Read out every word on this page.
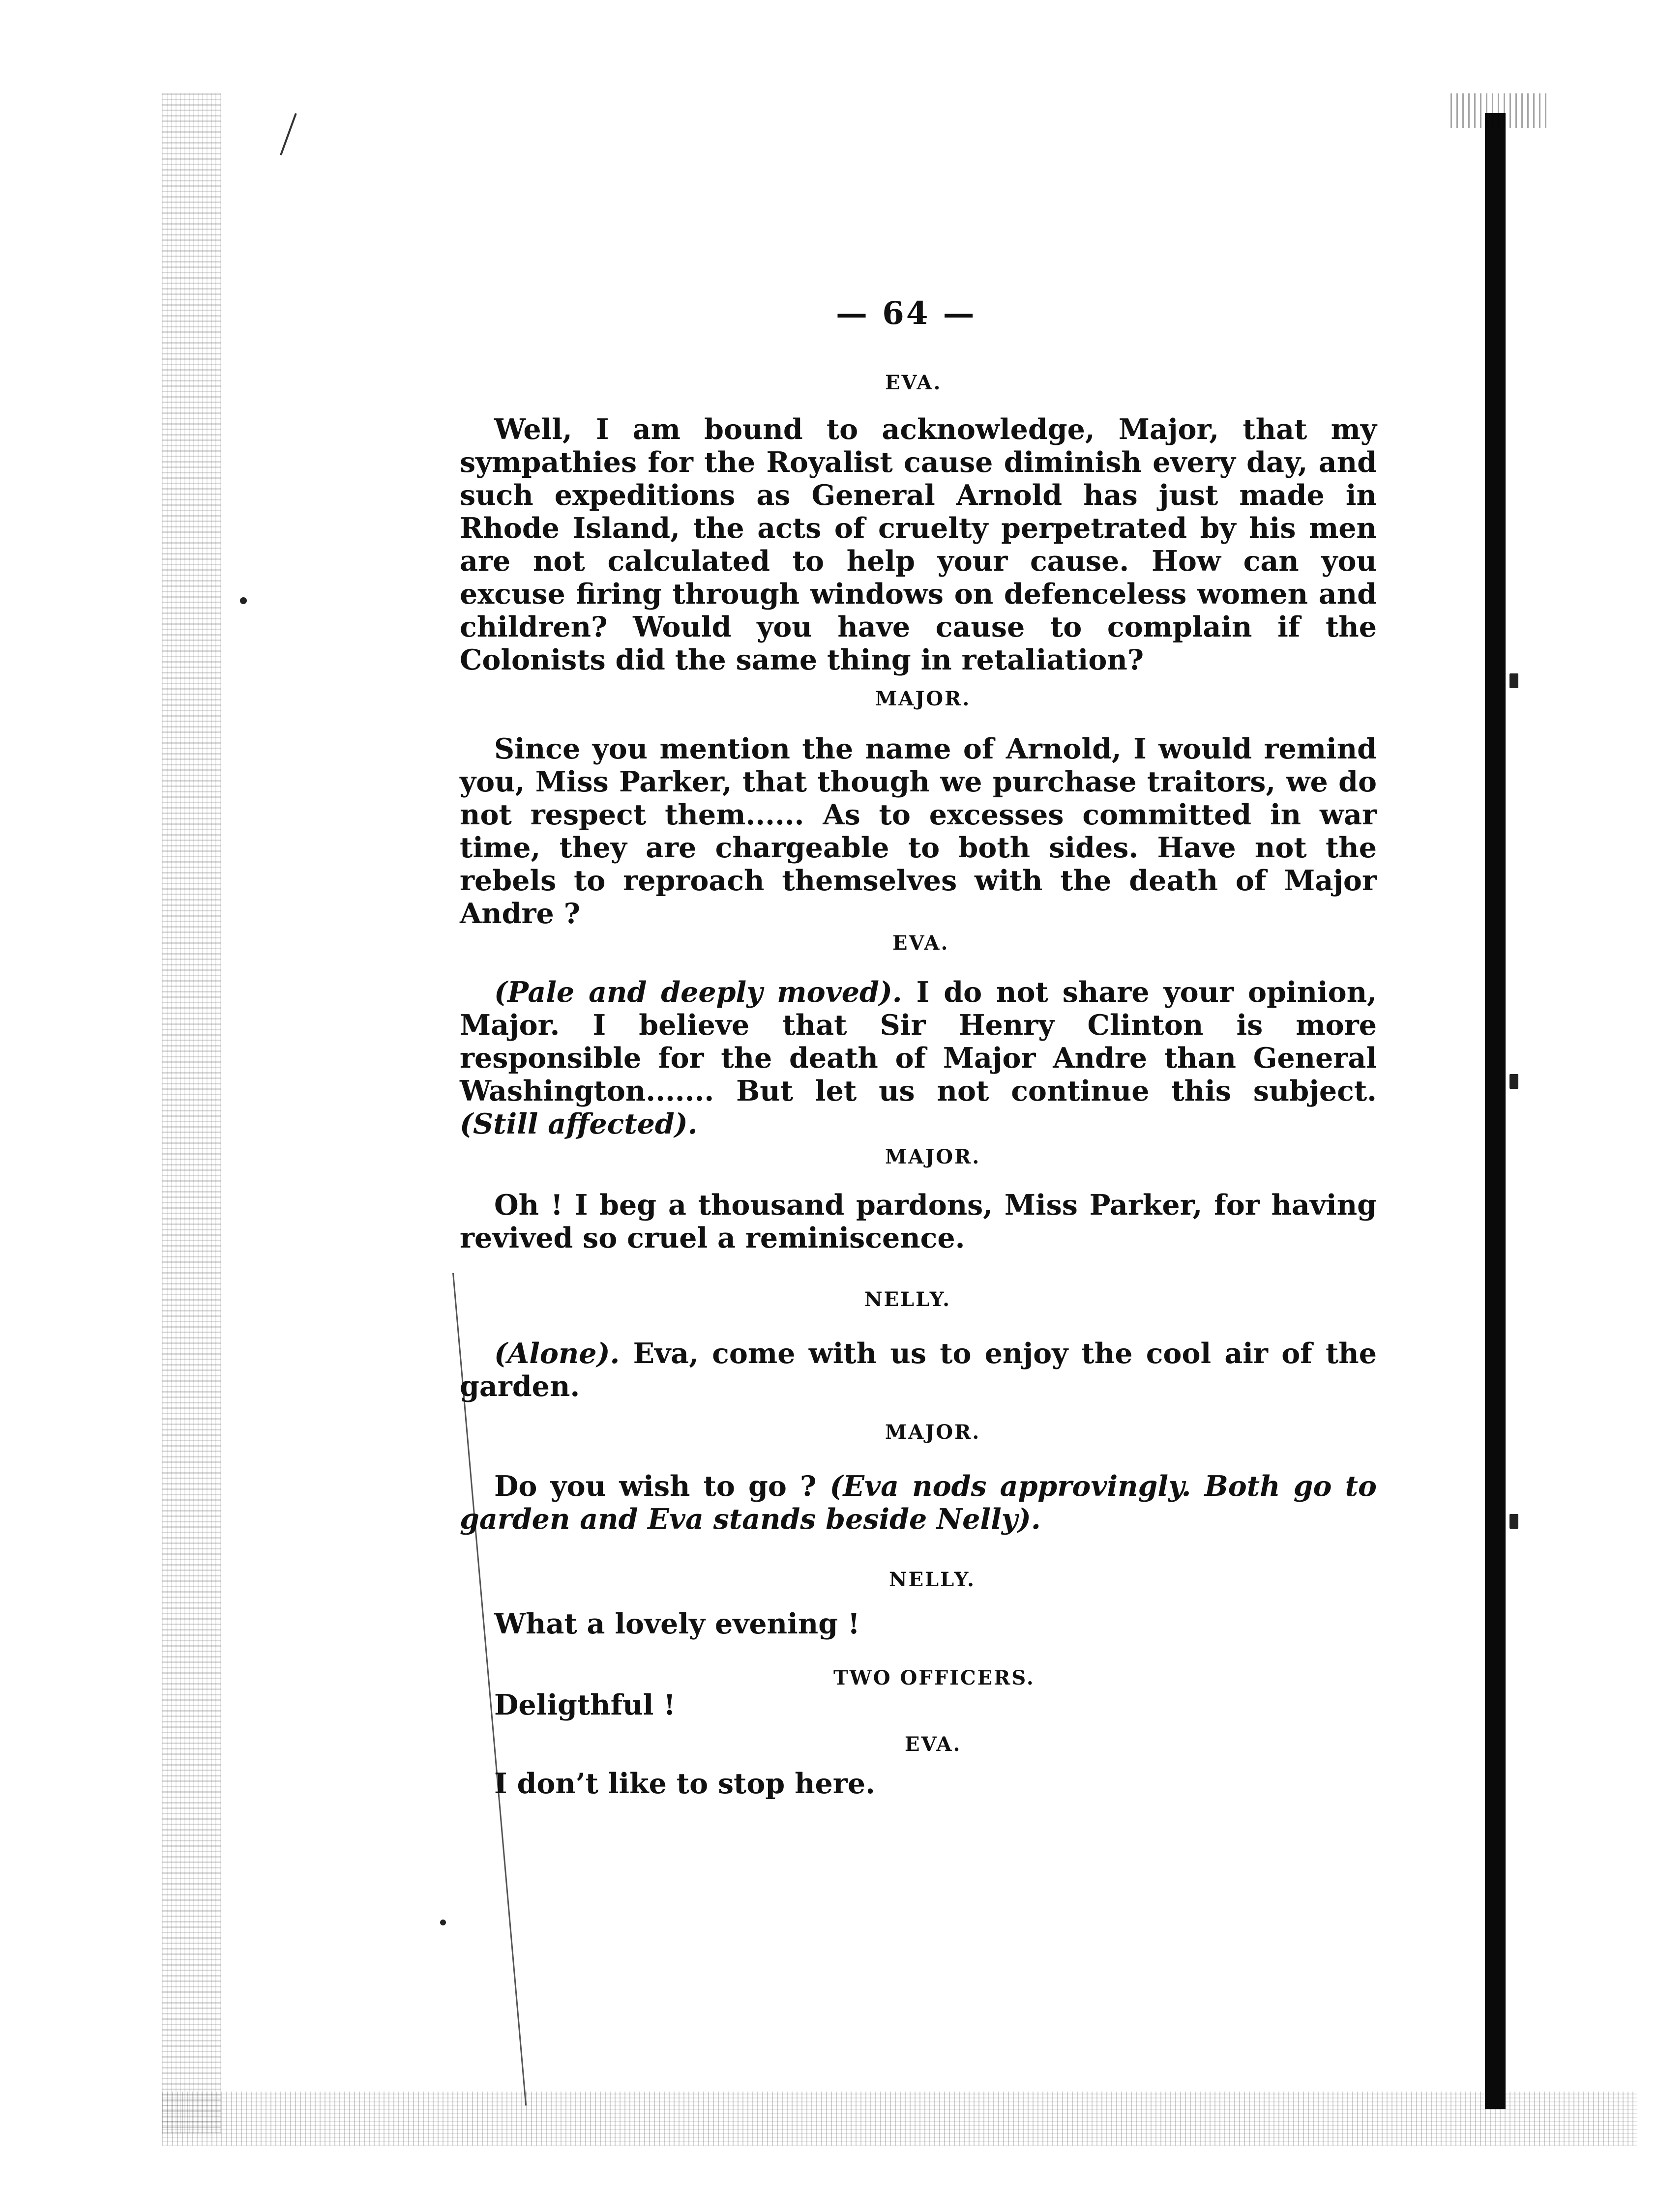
— 64 —
EVA.
Well, I am bound to acknowledge, Major, that my sympathies for the Royalist cause diminish every day, and such expeditions as General Arnold has just made in Rhode Island, the acts of cruelty perpetrated by his men are not calculated to help your cause. How can you excuse firing through windows on defenceless women and children? Would you have cause to complain if the Colonists did the same thing in retaliation?
MAJOR.
Since you mention the name of Arnold, I would remind you, Miss Parker, that though we purchase traitors, we do not respect them...... As to excesses committed in war time, they are chargeable to both sides. Have not the rebels to reproach themselves with the death of Major Andre ?
EVA.
(Pale and deeply moved). I do not share your opinion, Major. I believe that Sir Henry Clinton is more responsible for the death of Major Andre than General Washington....... But let us not continue this subject. (Still affected).
MAJOR.
Oh ! I beg a thousand pardons, Miss Parker, for having revived so cruel a reminiscence.
NELLY.
(Alone). Eva, come with us to enjoy the cool air of the garden.
MAJOR.
Do you wish to go ? (Eva nods approvingly. Both go to garden and Eva stands beside Nelly).
NELLY.
What a lovely evening !
TWO OFFICERS.
Deligthful !
EVA.
I don’t like to stop here.
